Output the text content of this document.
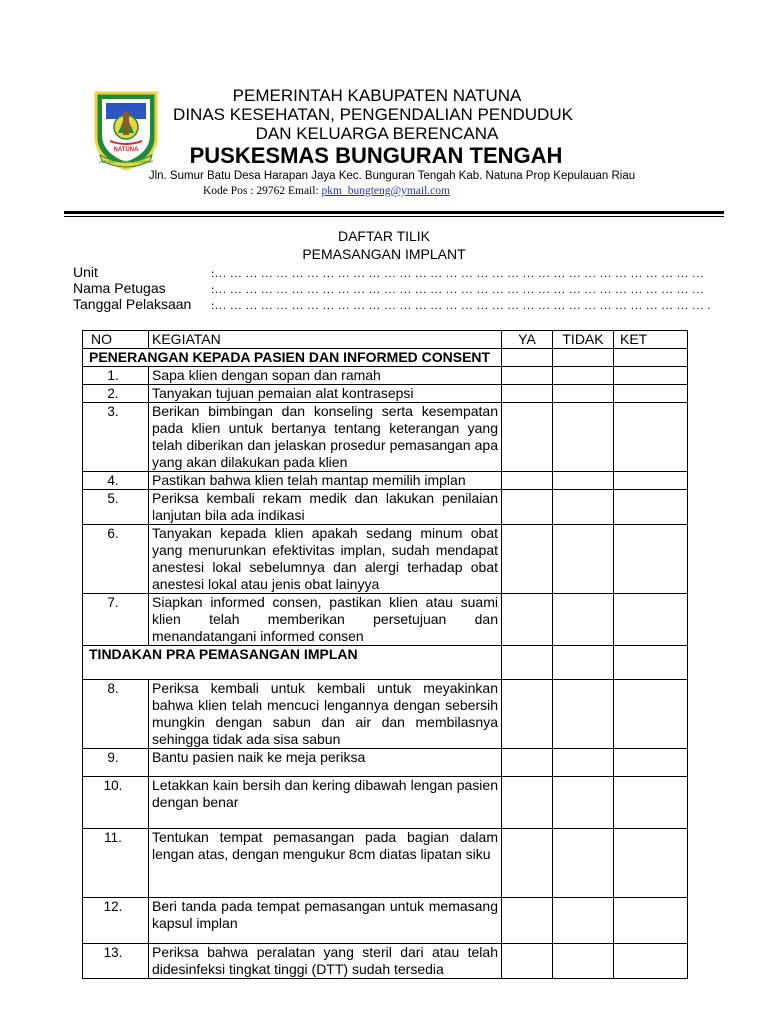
NATUNA
LAUT SENTOSA BERSATU MAKMUR
PEMERINTAH KABUPATEN NATUNA
DINAS KESEHATAN, PENGENDALIAN PENDUDUK
DAN KELUARGA BERENCANA
PUSKESMAS BUNGURAN TENGAH
Jln. Sumur Batu Desa Harapan Jaya Kec. Bunguran Tengah Kab. Natuna Prop Kepulauan Riau
Kode Pos : 29762 Email: pkm_bungteng@ymail.com
DAFTAR TILIK
PEMASANGAN IMPLANT
Unit	:… … … … … … … … … … … … … … … … … … … … … … … … … … … … … … … …
Nama Petugas	:… … … … … … … … … … … … … … … … … … … … … … … … … … … … … … … …
Tanggal Pelaksaan :… … … … … … … … … … … … … … … … … … … … … … … … … … … … … … … … .
NO	KEGIATAN	YA	TIDAK	KET
PENERANGAN KEPADA PASIEN DAN INFORMED CONSENT				
1.	Sapa klien dengan sopan dan ramah			
2.	Tanyakan tujuan pemaian alat kontrasepsi			
3.	Berikan bimbingan dan konseling serta kesempatan pada klien untuk bertanya tentang keterangan yang telah diberikan dan jelaskan prosedur pemasangan apa yang akan dilakukan pada klien			
4.	Pastikan bahwa klien telah mantap memilih implan			
5.	Periksa kembali rekam medik dan lakukan penilaian lanjutan bila ada indikasi			
6.	Tanyakan kepada klien apakah sedang minum obat yang menurunkan efektivitas implan, sudah mendapat anestesi lokal sebelumnya dan alergi terhadap obat anestesi lokal atau jenis obat lainyya			
7.	Siapkan informed consen, pastikan klien atau suami klien telah memberikan persetujuan dan menandatangani informed consen			
TINDAKAN PRA PEMASANGAN IMPLAN				
8.	Periksa kembali untuk kembali untuk meyakinkan bahwa klien telah mencuci lengannya dengan sebersih mungkin dengan sabun dan air dan membilasnya sehingga tidak ada sisa sabun			
9.	Bantu pasien naik ke meja periksa			
10.	Letakkan kain bersih dan kering dibawah lengan pasien dengan benar			
11.	Tentukan tempat pemasangan pada bagian dalam lengan atas, dengan mengukur 8cm diatas lipatan siku			
12.	Beri tanda pada tempat pemasangan untuk memasang kapsul implan			
13.	Periksa bahwa peralatan yang steril dari atau telah didesinfeksi tingkat tinggi (DTT) sudah tersedia			
